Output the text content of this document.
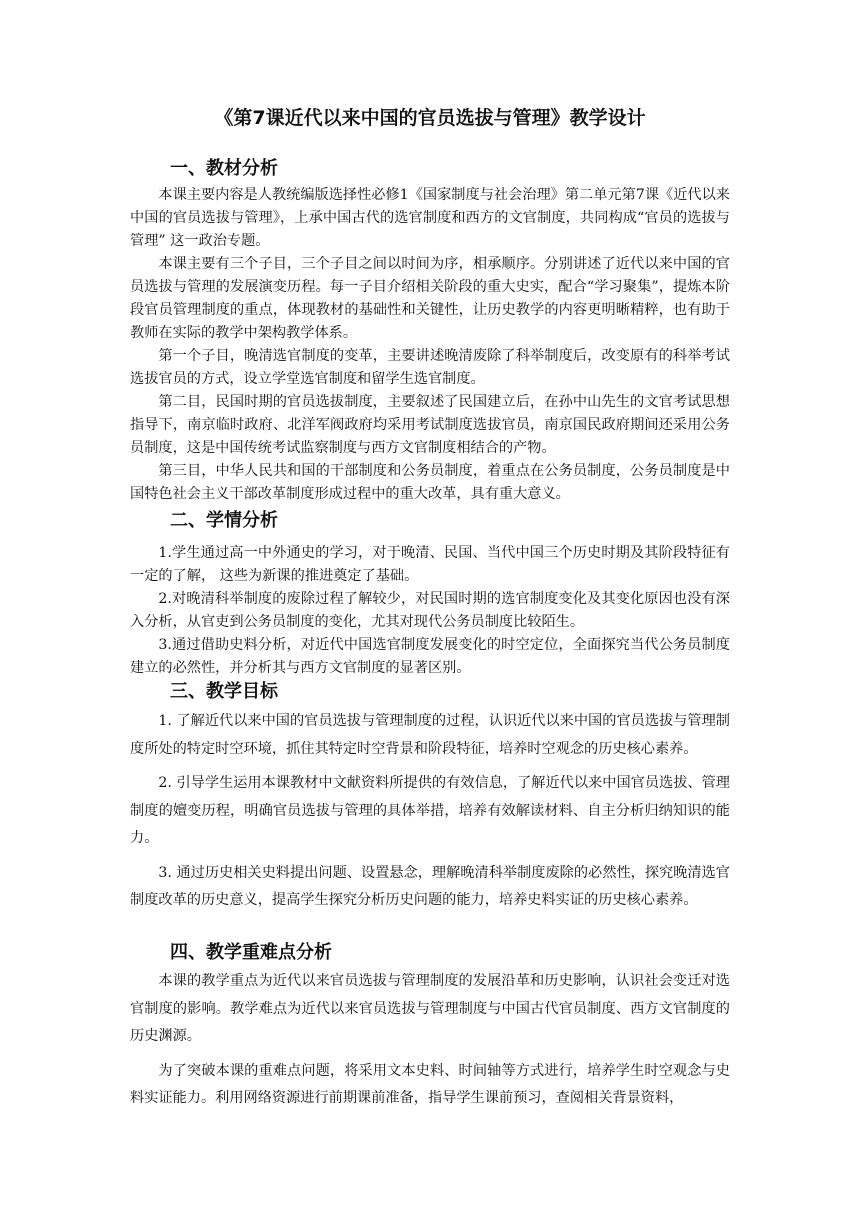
《第7课近代以来中国的官员选拔与管理》教学设计
一、教材分析

本课主要内容是人教统编版选择性必修1《国家制度与社会治理》第二单元第7课《近代以来中国的官员选拔与管理》，上承中国古代的选官制度和西方的文官制度，共同构成“官员的选拔与管理” 这一政治专题。

本课主要有三个子目，三个子目之间以时间为序，相承顺序。分别讲述了近代以来中国的官员选拔与管理的发展演变历程。每一子目介绍相关阶段的重大史实，配合“学习聚集”，提炼本阶段官员管理制度的重点，体现教材的基础性和关键性，让历史教学的内容更明晰精粹，也有助于教师在实际的教学中架构教学体系。

第一个子目，晚清选官制度的变革，主要讲述晚清废除了科举制度后，改变原有的科举考试选拔官员的方式，设立学堂选官制度和留学生选官制度。

第二目，民国时期的官员选拔制度，主要叙述了民国建立后，在孙中山先生的文官考试思想指导下，南京临时政府、北洋军阀政府均采用考试制度选拔官员，南京国民政府期间还采用公务员制度，这是中国传统考试监察制度与西方文官制度相结合的产物。

第三目，中华人民共和国的干部制度和公务员制度，着重点在公务员制度，公务员制度是中国特色社会主义干部改革制度形成过程中的重大改革，具有重大意义。

二、学情分析

1.学生通过高一中外通史的学习，对于晚清、民国、当代中国三个历史时期及其阶段特征有一定的了解， 这些为新课的推进奠定了基础。

2.对晚清科举制度的废除过程了解较少，对民国时期的选官制度变化及其变化原因也没有深入分析，从官吏到公务员制度的变化，尤其对现代公务员制度比较陌生。

3.通过借助史料分析，对近代中国选官制度发展变化的时空定位，全面探究当代公务员制度建立的必然性，并分析其与西方文官制度的显著区别。

三、教学目标

1. 了解近代以来中国的官员选拔与管理制度的过程，认识近代以来中国的官员选拔与管理制度所处的特定时空环境，抓住其特定时空背景和阶段特征，培养时空观念的历史核心素养。

2. 引导学生运用本课教材中文献资料所提供的有效信息，了解近代以来中国官员选拔、管理制度的嬗变历程，明确官员选拔与管理的具体举措，培养有效解读材料、自主分析归纳知识的能力。

3. 通过历史相关史料提出问题、设置悬念，理解晚清科举制度废除的必然性，探究晚清选官制度改革的历史意义，提高学生探究分析历史问题的能力，培养史料实证的历史核心素养。

四、教学重难点分析

本课的教学重点为近代以来官员选拔与管理制度的发展沿革和历史影响，认识社会变迁对选官制度的影响。教学难点为近代以来官员选拔与管理制度与中国古代官员制度、西方文官制度的历史渊源。

为了突破本课的重难点问题，将采用文本史料、时间轴等方式进行，培养学生时空观念与史料实证能力。利用网络资源进行前期课前准备，指导学生课前预习，查阅相关背景资料，
